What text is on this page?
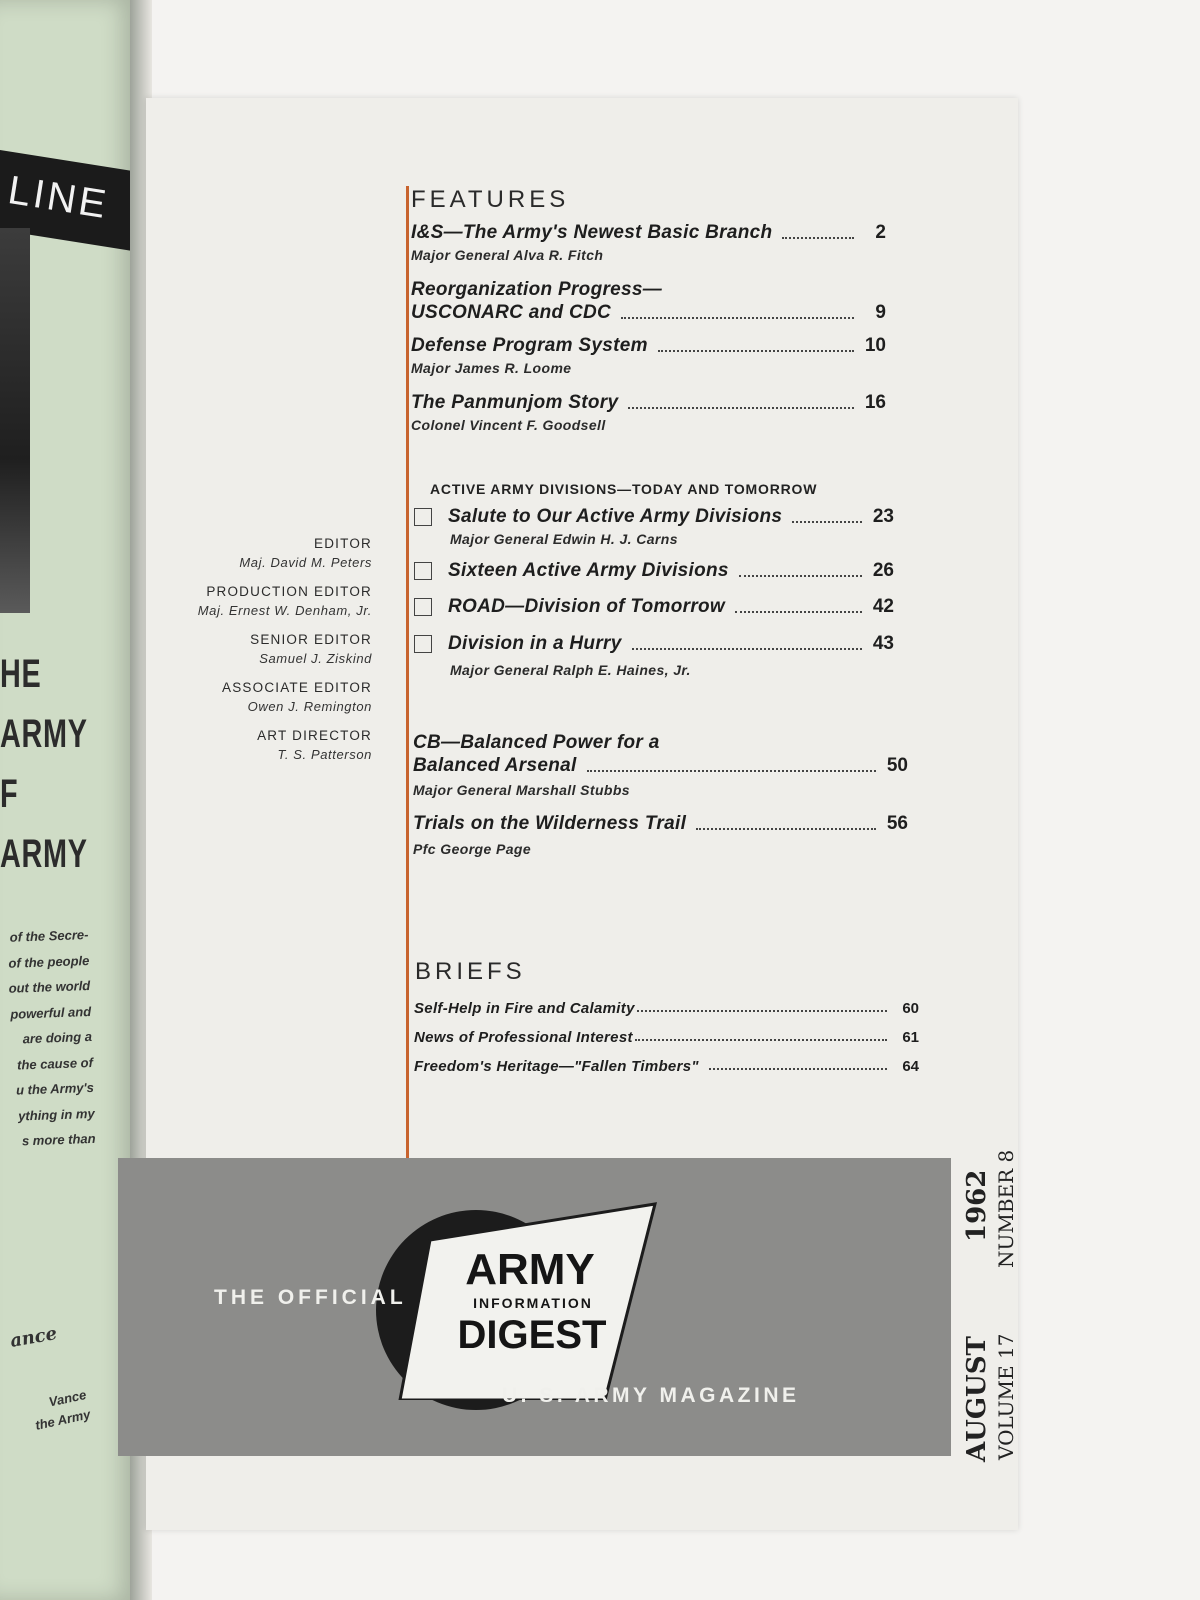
LINE
HE
ARMY
F
ARMY
of the Secre-
of the people
out the world
powerful and
are doing a
the cause of
u the Army's
ything in my
s more than
ance
Vance
the Army
EDITOR
Maj. David M. Peters
PRODUCTION EDITOR
Maj. Ernest W. Denham, Jr.
SENIOR EDITOR
Samuel J. Ziskind
ASSOCIATE EDITOR
Owen J. Remington
ART DIRECTOR
T. S. Patterson
FEATURES
I&S—The Army's Newest Basic Branch	2
Major General Alva R. Fitch
Reorganization Progress—
USCONARC and CDC	9
Defense Program System	10
Major James R. Loome
The Panmunjom Story	16
Colonel Vincent F. Goodsell
ACTIVE ARMY DIVISIONS—TODAY AND TOMORROW
Salute to Our Active Army Divisions	23
Major General Edwin H. J. Carns
Sixteen Active Army Divisions	26
ROAD—Division of Tomorrow	42
Division in a Hurry	43
Major General Ralph E. Haines, Jr.
CB—Balanced Power for a
Balanced Arsenal	50
Major General Marshall Stubbs
Trials on the Wilderness Trail	56
Pfc George Page
BRIEFS
Self-Help in Fire and Calamity	60
News of Professional Interest	61
Freedom's Heritage—"Fallen Timbers"	64
THE OFFICIAL
ARMY
INFORMATION
DIGEST
U. S. ARMY MAGAZINE	AUGUST VOLUME 17
1962 NUMBER 8
